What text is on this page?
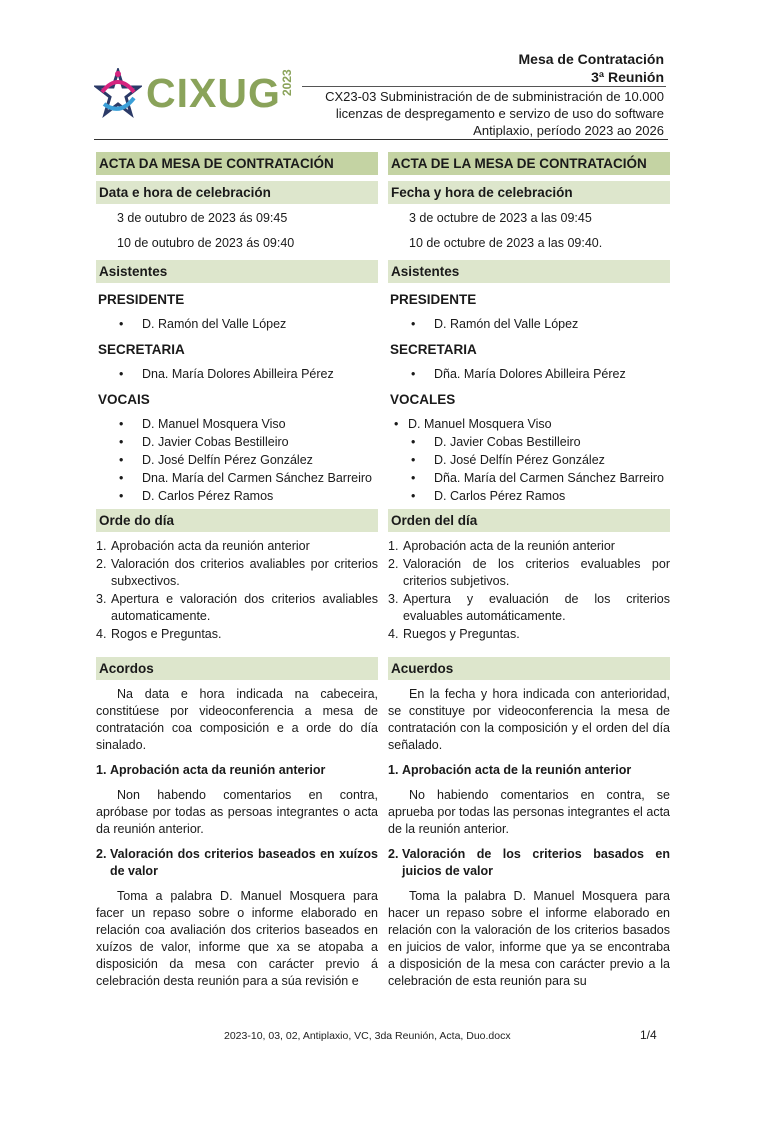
CIXUG 2023
Mesa de Contratación
3ª Reunión
CX23-03 Subministración de de subministración de 10.000
licenzas de despregamento e servizo de uso do software
Antiplaxio, período 2023 ao 2026
ACTA DA MESA DE CONTRATACIÓN
Data e hora de celebración
3 de outubro de 2023 ás 09:45
10 de outubro de 2023 ás 09:40
Asistentes
PRESIDENTE
• D. Ramón del Valle López
SECRETARIA
• Dna. María Dolores Abilleira Pérez
VOCAIS
• D. Manuel Mosquera Viso
• D. Javier Cobas Bestilleiro
• D. José Delfín Pérez González
• Dna. María del Carmen Sánchez Barreiro
• D. Carlos Pérez Ramos
Orde do día
1. Aprobación acta da reunión anterior
2. Valoración dos criterios avaliables por criterios subxectivos.
3. Apertura e valoración dos criterios avaliables automaticamente.
4. Rogos e Preguntas.
Acordos

Na data e hora indicada na cabeceira, constitúese por videoconferencia a mesa de contratación coa composición e a orde do día sinalado.

1. Aprobación acta da reunión anterior

Non habendo comentarios en contra, apróbase por todas as persoas integrantes o acta da reunión anterior.

2. Valoración dos criterios baseados en xuízos de valor

Toma a palabra D. Manuel Mosquera para facer un repaso sobre o informe elaborado en relación coa avaliación dos criterios baseados en xuízos de valor, informe que xa se atopaba a disposición da mesa con carácter previo á celebración desta reunión para a súa revisión e

ACTA DE LA MESA DE CONTRATACIÓN
Fecha y hora de celebración
3 de octubre de 2023 a las 09:45
10 de octubre de 2023 a las 09:40.
Asistentes
PRESIDENTE
• D. Ramón del Valle López
SECRETARIA
• Dña. María Dolores Abilleira Pérez
VOCALES
• D. Manuel Mosquera Viso
• D. Javier Cobas Bestilleiro
• D. José Delfín Pérez González
• Dña. María del Carmen Sánchez Barreiro
• D. Carlos Pérez Ramos
Orden del día
1. Aprobación acta de la reunión anterior
2. Valoración de los criterios evaluables por criterios subjetivos.
3. Apertura y evaluación de los criterios evaluables automáticamente.
4. Ruegos y Preguntas.
Acuerdos

En la fecha y hora indicada con anterioridad, se constituye por videoconferencia la mesa de contratación con la composición y el orden del día señalado.

1. Aprobación acta de la reunión anterior

No habiendo comentarios en contra, se aprueba por todas las personas integrantes el acta de la reunión anterior.

2. Valoración de los criterios basados en juicios de valor

Toma la palabra D. Manuel Mosquera para hacer un repaso sobre el informe elaborado en relación con la valoración de los criterios basados en juicios de valor, informe que ya se encontraba a disposición de la mesa con carácter previo a la celebración de esta reunión para su

2023-10, 03, 02, Antiplaxio, VC, 3da Reunión, Acta, Duo.docx	1/4
